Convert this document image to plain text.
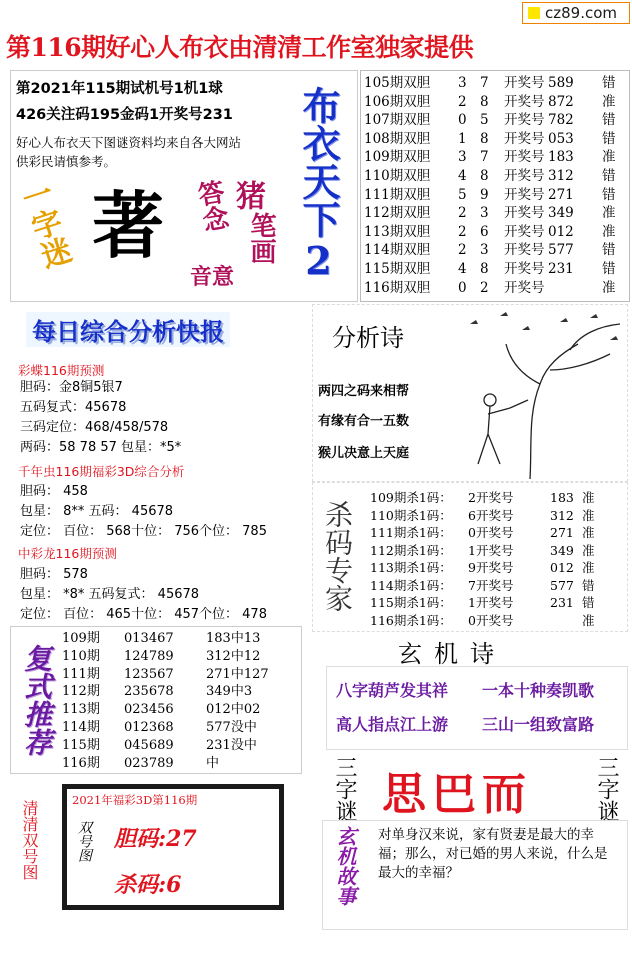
cz89.com
第116期好心人布衣由清清工作室独家提供
第2021年115期试机号1机1球
426关注码195金码1开奖号231
好心人布衣天下图谜资料均来自各大网站
供彩民请慎参考。
一字迷 著 猪
答念
笔画
音意 布衣天下2
105期双胆 3 7 开奖号 589 错
106期双胆 2 8 开奖号 872 准
107期双胆 0 5 开奖号 782 错
108期双胆 1 8 开奖号 053 错
109期双胆 3 7 开奖号 183 准
110期双胆 4 8 开奖号 312 错
111期双胆 5 9 开奖号 271 错
112期双胆 2 3 开奖号 349 准
113期双胆 2 6 开奖号 012 准
114期双胆 2 3 开奖号 577 错
115期双胆 4 8 开奖号 231 错
116期双胆 0 2 开奖号	准
每日综合分析快报
彩蝶116期预测
胆码：金8铜5银7
五码复式：45678
三码定位：468/458/578
两码：58 78 57 包星：*5*
千年虫116期福彩3D综合分析
胆码： 458
包星： 8** 五码： 45678
定位： 百位： 568十位： 756个位： 785
中彩龙116期预测
胆码： 578
包星： *8* 五码复式： 45678
定位： 百位： 465十位： 457个位： 478
分析诗
两四之码来相帮
有缘有合一五数
猴儿决意上天庭
杀码专家
109期杀1码： 2开奖号	183 准
110期杀1码： 6开奖号	312 准
111期杀1码： 0开奖号	271 准
112期杀1码： 1开奖号	349 准
113期杀1码： 9开奖号	012 准
114期杀1码： 7开奖号	577 错
115期杀1码： 1开奖号	231 错
116期杀1码： 0开奖号	准
复式推荐
109期 013467 183中13
110期 124789 312中12
111期 123567 271中127
112期 235678 349中3
113期 023456 012中02
114期 012368 577没中
115期 045689 231没中
116期 023789 中
玄机诗
八字葫芦发其祥 一本十种奏凯歌
高人指点江上游 三山一组致富路
三字谜	三字谜
思巴而
清清双号图	2021年福彩3D第116期
双号图 胆码:27
杀码:6	玄机故事 对单身汉来说，家有贤妻是最大的幸福；那么，对已婚的男人来说，什么是最大的幸福？
